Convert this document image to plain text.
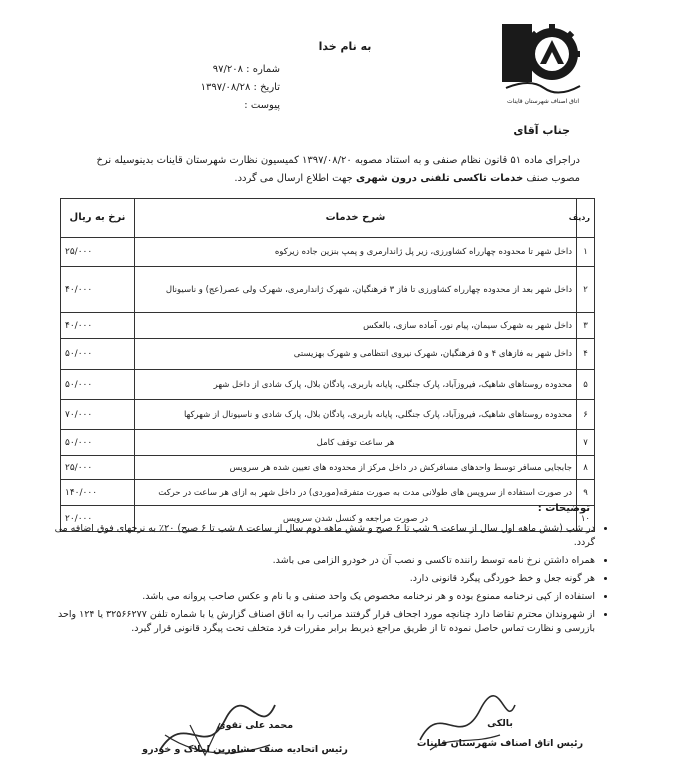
اتاق اصناف شهرستان قاینات
به نام خدا
شماره : ۹۷/۲۰۸
تاریخ : ۱۳۹۷/۰۸/۲۸
پیوست :
جناب آقای
دراجرای ماده ۵۱ قانون نظام صنفی و به استناد مصوبه ۱۳۹۷/۰۸/۲۰ کمیسیون نظارت شهرستان قاینات بدینوسیله نرخ
مصوب صنف خدمات تاکسی تلفنی درون شهری جهت اطلاع ارسال می گردد.
ردیف	شرح خدمات	نرخ به ریال
۱	داخل شهر تا محدوده چهارراه کشاورزی، زیر پل ژاندارمری و پمپ بنزین جاده زیرکوه	۲۵/۰۰۰
۲	داخل شهر بعد از محدوده چهارراه کشاورزی تا فاز ۳ فرهنگیان، شهرک ژاندارمری، شهرک ولی عصر(عج) و ناسیونال	۴۰/۰۰۰
۳	داخل شهر به شهرک سیمان، پیام نور، آماده سازی، بالعکس	۴۰/۰۰۰
۴	داخل شهر به فازهای ۴ و ۵ فرهنگیان، شهرک نیروی انتظامی و شهرک بهزیستی	۵۰/۰۰۰
۵	محدوده روستاهای شاهیک، فیروزآباد، پارک جنگلی، پایانه باربری، پادگان بلال، پارک شادی از داخل شهر	۵۰/۰۰۰
۶	محدوده روستاهای شاهیک، فیروزآباد، پارک جنگلی، پایانه باربری، پادگان بلال، پارک شادی و ناسیونال از شهرکها	۷۰/۰۰۰
۷	هر ساعت توقف کامل	۵۰/۰۰۰
۸	جابجایی مسافر توسط واحدهای مسافرکش در داخل مرکز از محدوده های تعیین شده هر سرویس	۲۵/۰۰۰
۹	در صورت استفاده از سرویس های طولانی مدت به صورت متفرقه(موردی) در داخل شهر به ازای هر ساعت در حرکت	۱۴۰/۰۰۰
۱۰	در صورت مراجعه و کنسل شدن سرویس	۲۰/۰۰۰
توضیحات :
• در شب (شش ماهه اول سال از ساعت ۹ شب تا ۶ صبح و شش ماهه دوم سال از ساعت ۸ شب تا ۶ صبح) ۲۰٪ به نرخهای فوق اضافه می گردد.
• همراه داشتن نرخ نامه توسط راننده تاکسی و نصب آن در خودرو الزامی می باشد.
• هر گونه جعل و خط خوردگی پیگرد قانونی دارد.
• استفاده از کپی نرخنامه ممنوع بوده و هر نرخنامه مخصوص یک واحد صنفی و با نام و عکس صاحب پروانه می باشد.
• از شهروندان محترم تقاضا دارد چنانچه مورد اجحاف قرار گرفتند مراتب را به اتاق اصناف گزارش یا با شماره تلفن ۳۲۵۶۶۲۷۷ یا ۱۲۴ واحد بازرسی و نظارت تماس حاصل نموده تا از طریق مراجع ذیربط برابر مقررات فرد متخلف تحت پیگرد قانونی قرار گیرد.
بالکی
رئیس اتاق اصناف شهرستان قاینات
محمد علی تقوی
رئیس اتحادیه صنف مشاورین املاک و خودرو
